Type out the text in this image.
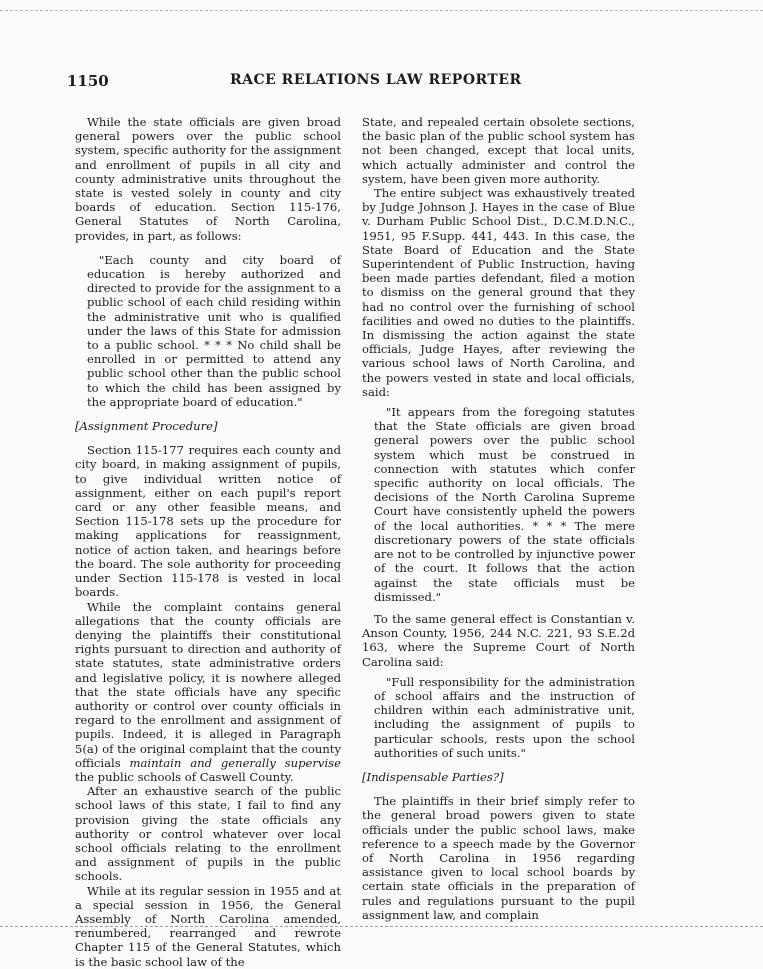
1150	RACE RELATIONS LAW REPORTER

While the state officials are given broad general powers over the public school system, specific authority for the assignment and enrollment of pupils in all city and county administrative units throughout the state is vested solely in county and city boards of education. Section 115-176, General Statutes of North Carolina, provides, in part, as follows:

"Each county and city board of education is hereby authorized and directed to provide for the assignment to a public school of each child residing within the administrative unit who is qualified under the laws of this State for admission to a public school. * * * No child shall be enrolled in or permitted to attend any public school other than the public school to which the child has been assigned by the appropriate board of education."

[Assignment Procedure]

Section 115-177 requires each county and city board, in making assignment of pupils, to give individual written notice of assignment, either on each pupil's report card or any other feasible means, and Section 115-178 sets up the procedure for making applications for reassignment, notice of action taken, and hearings before the board. The sole authority for proceeding under Section 115-178 is vested in local boards.

While the complaint contains general allegations that the county officials are denying the plaintiffs their constitutional rights pursuant to direction and authority of state statutes, state administrative orders and legislative policy, it is nowhere alleged that the state officials have any specific authority or control over county officials in regard to the enrollment and assignment of pupils. Indeed, it is alleged in Paragraph 5(a) of the original complaint that the county officials maintain and generally supervise the public schools of Caswell County.

After an exhaustive search of the public school laws of this state, I fail to find any provision giving the state officials any authority or control whatever over local school officials relating to the enrollment and assignment of pupils in the public schools.

While at its regular session in 1955 and at a special session in 1956, the General Assembly of North Carolina amended, renumbered, rearranged and rewrote Chapter 115 of the General Statutes, which is the basic school law of the

State, and repealed certain obsolete sections, the basic plan of the public school system has not been changed, except that local units, which actually administer and control the system, have been given more authority.

The entire subject was exhaustively treated by Judge Johnson J. Hayes in the case of Blue v. Durham Public School Dist., D.C.M.D.N.C., 1951, 95 F.Supp. 441, 443. In this case, the State Board of Education and the State Superintendent of Public Instruction, having been made parties defendant, filed a motion to dismiss on the general ground that they had no control over the furnishing of school facilities and owed no duties to the plaintiffs. In dismissing the action against the state officials, Judge Hayes, after reviewing the various school laws of North Carolina, and the powers vested in state and local officials, said:

"It appears from the foregoing statutes that the State officials are given broad general powers over the public school system which must be construed in connection with statutes which confer specific authority on local officials. The decisions of the North Carolina Supreme Court have consistently upheld the powers of the local authorities. * * * The mere discretionary powers of the state officials are not to be controlled by injunctive power of the court. It follows that the action against the state officials must be dismissed."

To the same general effect is Constantian v. Anson County, 1956, 244 N.C. 221, 93 S.E.2d 163, where the Supreme Court of North Carolina said:

"Full responsibility for the administration of school affairs and the instruction of children within each administrative unit, including the assignment of pupils to particular schools, rests upon the school authorities of such units."

[Indispensable Parties?]

The plaintiffs in their brief simply refer to the general broad powers given to state officials under the public school laws, make reference to a speech made by the Governor of North Carolina in 1956 regarding assistance given to local school boards by certain state officials in the preparation of rules and regulations pursuant to the pupil assignment law, and complain
